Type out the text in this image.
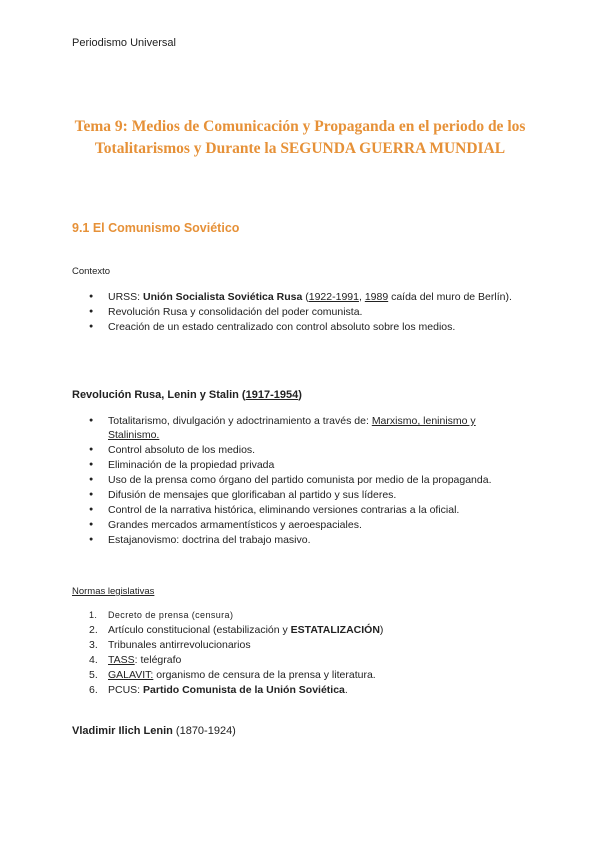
Periodismo Universal
Tema 9: Medios de Comunicación y Propaganda en el periodo de los Totalitarismos y Durante la SEGUNDA GUERRA MUNDIAL
9.1 El Comunismo Soviético
Contexto
● URSS: Unión Socialista Soviética Rusa (1922-1991, 1989 caída del muro de Berlín).
● Revolución Rusa y consolidación del poder comunista.
● Creación de un estado centralizado con control absoluto sobre los medios.
Revolución Rusa, Lenin y Stalin (1917-1954)
● Totalitarismo, divulgación y adoctrinamiento a través de: Marxismo, leninismo y Stalinismo.
● Control absoluto de los medios.
● Eliminación de la propiedad privada
● Uso de la prensa como órgano del partido comunista por medio de la propaganda.
● Difusión de mensajes que glorificaban al partido y sus líderes.
● Control de la narrativa histórica, eliminando versiones contrarias a la oficial.
● Grandes mercados armamentísticos y aeroespaciales.
● Estajanovismo: doctrina del trabajo masivo.
Normas legislativas
1. Decreto de prensa (censura)
2. Artículo constitucional (estabilización y ESTATALIZACIÓN)
3. Tribunales antirrevolucionarios
4. TASS: telégrafo
5. GALAVIT: organismo de censura de la prensa y literatura.
6. PCUS: Partido Comunista de la Unión Soviética.
Vladimir Ilich Lenin (1870-1924)
